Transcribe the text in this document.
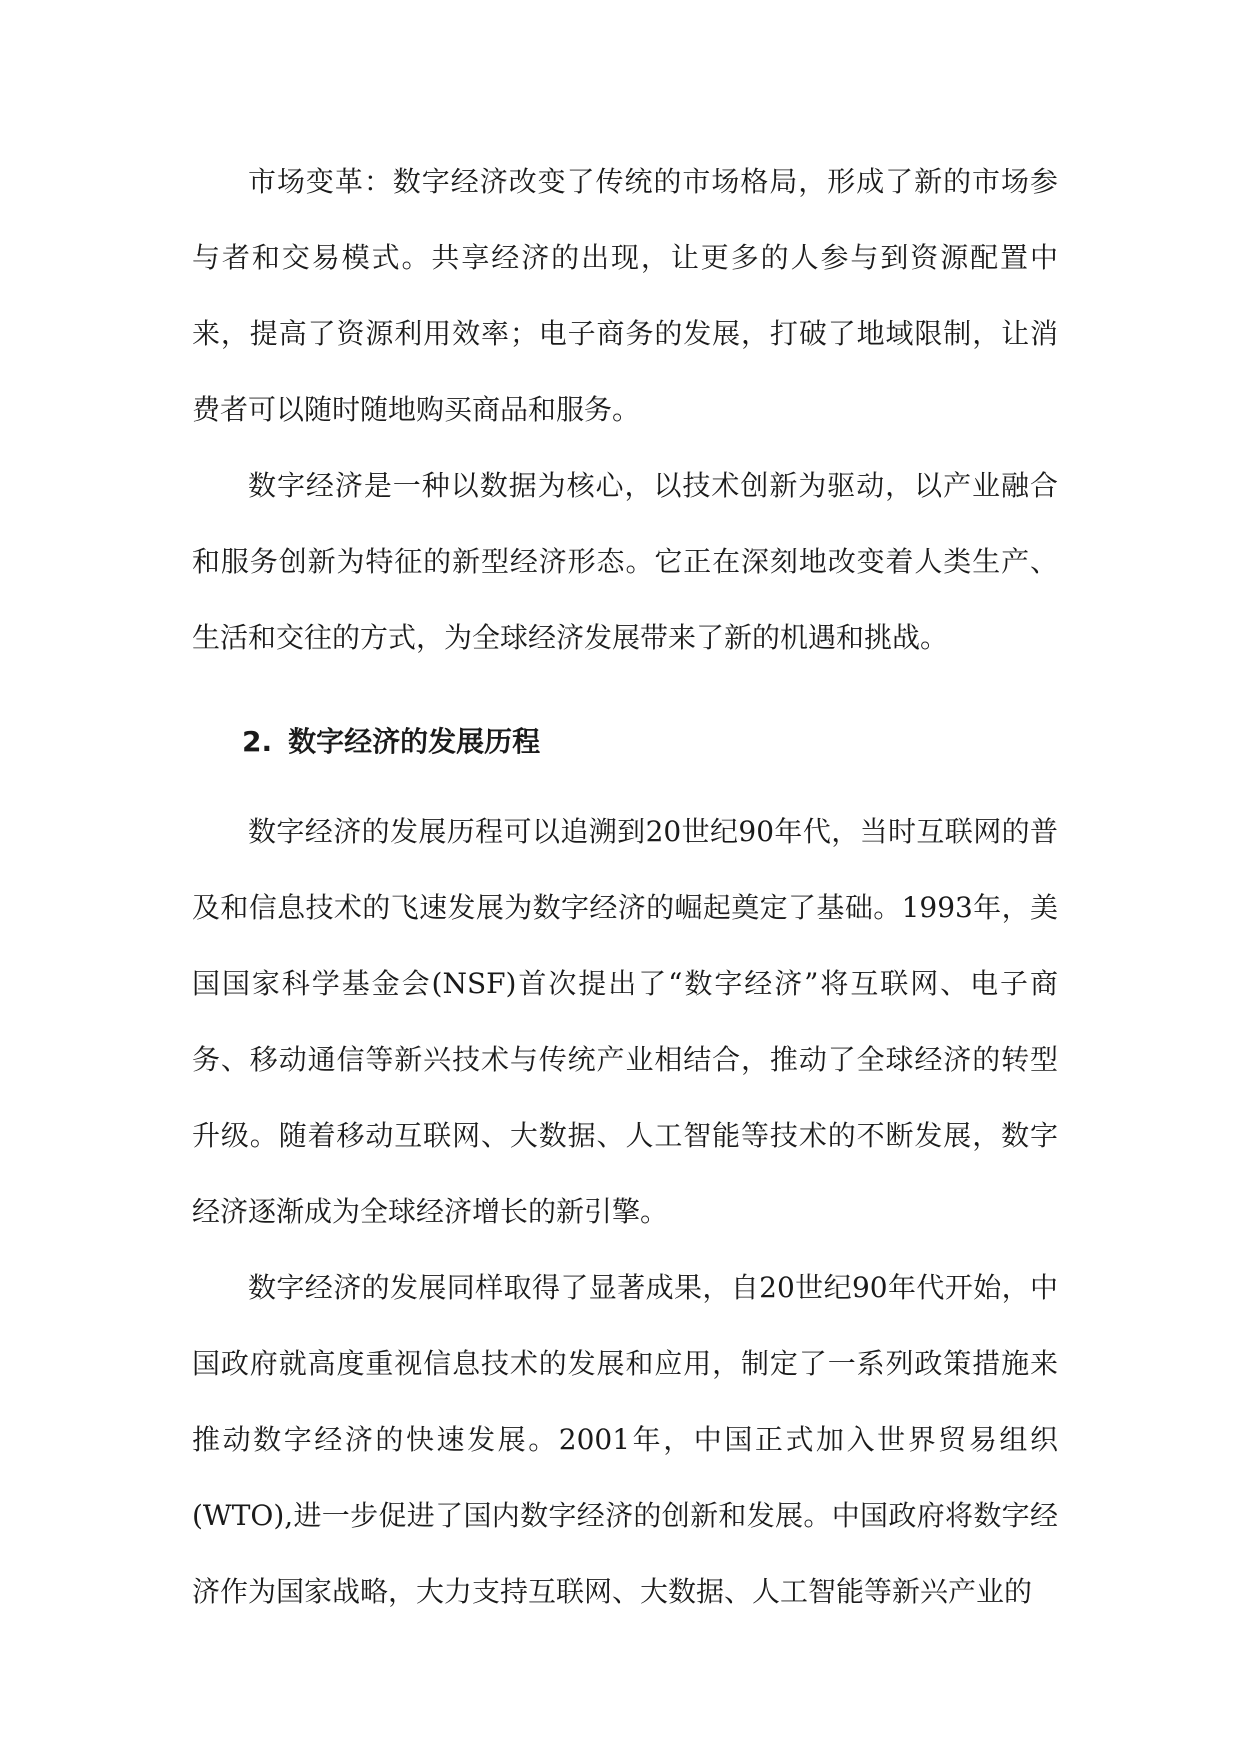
市场变革：数字经济改变了传统的市场格局，形成了新的市场参与者和交易模式。共享经济的出现，让更多的人参与到资源配置中来，提高了资源利用效率；电子商务的发展，打破了地域限制，让消费者可以随时随地购买商品和服务。

数字经济是一种以数据为核心，以技术创新为驱动，以产业融合和服务创新为特征的新型经济形态。它正在深刻地改变着人类生产、生活和交往的方式，为全球经济发展带来了新的机遇和挑战。

2. 数字经济的发展历程

数字经济的发展历程可以追溯到20世纪90年代，当时互联网的普及和信息技术的飞速发展为数字经济的崛起奠定了基础。1993年，美国国家科学基金会(NSF)首次提出了“数字经济”将互联网、电子商务、移动通信等新兴技术与传统产业相结合，推动了全球经济的转型升级。随着移动互联网、大数据、人工智能等技术的不断发展，数字经济逐渐成为全球经济增长的新引擎。

数字经济的发展同样取得了显著成果，自20世纪90年代开始，中国政府就高度重视信息技术的发展和应用，制定了一系列政策措施来推动数字经济的快速发展。2001年，中国正式加入世界贸易组织(WTO),进一步促进了国内数字经济的创新和发展。中国政府将数字经济作为国家战略，大力支持互联网、大数据、人工智能等新兴产业的
